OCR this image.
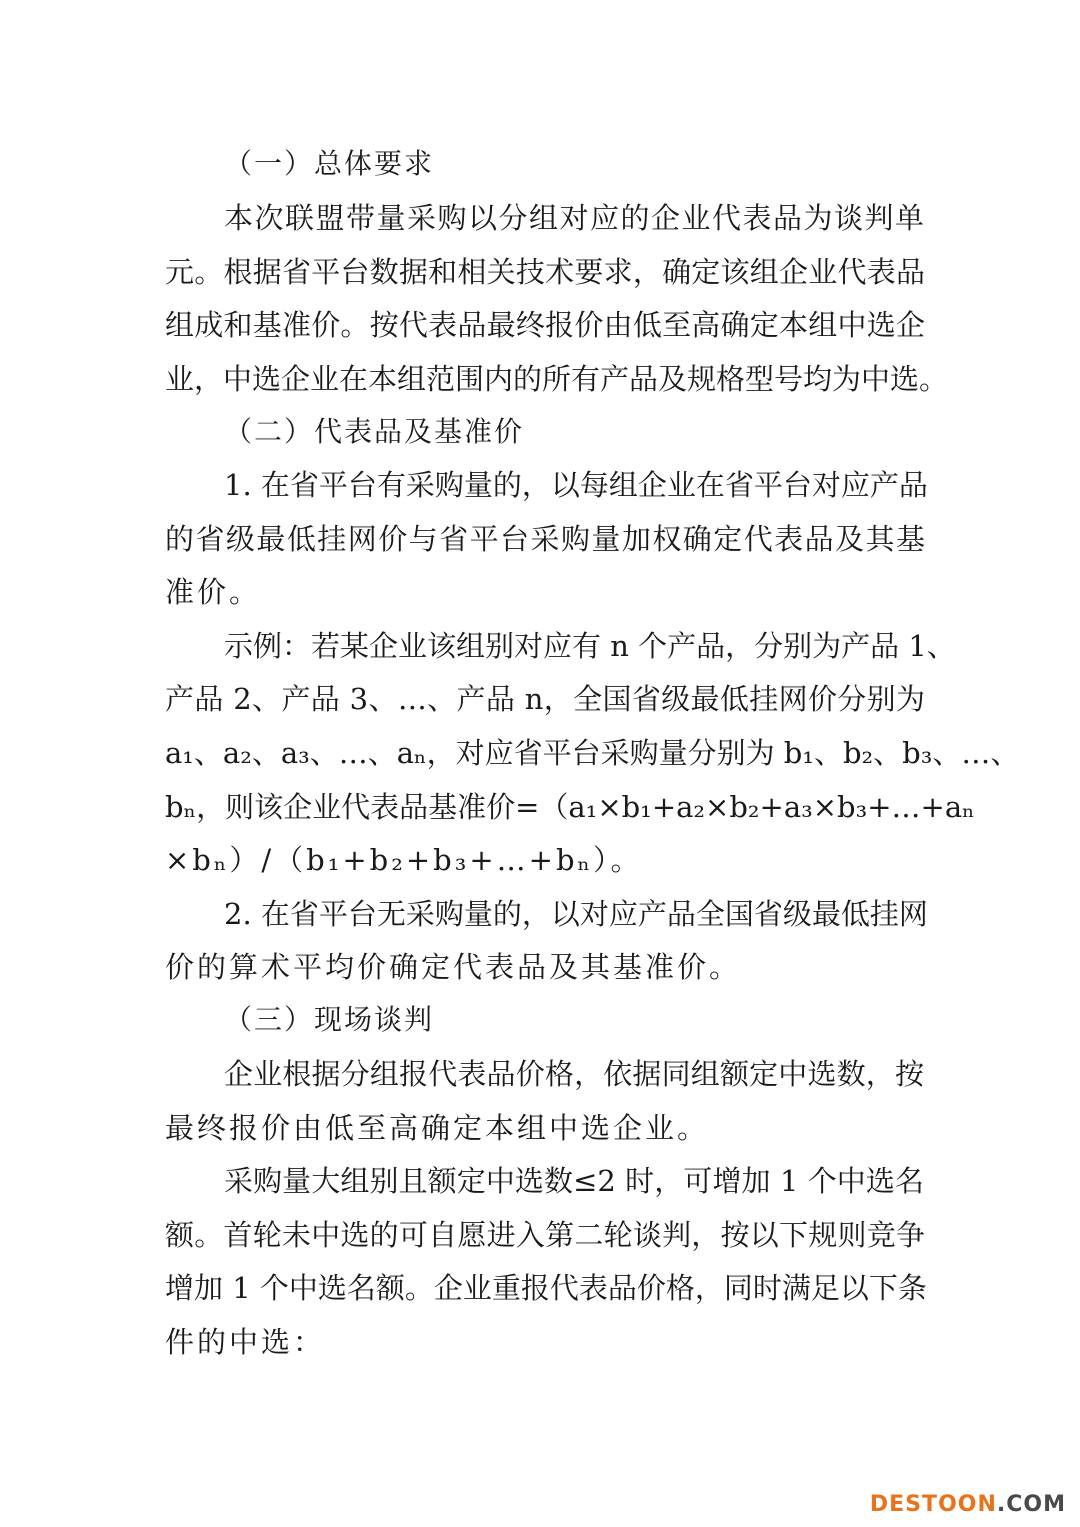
（一）总体要求
本次联盟带量采购以分组对应的企业代表品为谈判单
元。根据省平台数据和相关技术要求，确定该组企业代表品
组成和基准价。按代表品最终报价由低至高确定本组中选企
业，中选企业在本组范围内的所有产品及规格型号均为中选。
（二）代表品及基准价
1. 在省平台有采购量的，以每组企业在省平台对应产品
的省级最低挂网价与省平台采购量加权确定代表品及其基
准价。
示例：若某企业该组别对应有 n 个产品，分别为产品 1、
产品 2、产品 3、…、产品 n，全国省级最低挂网价分别为
a₁、a₂、a₃、…、aₙ，对应省平台采购量分别为 b₁、b₂、b₃、…、
bₙ，则该企业代表品基准价=（a₁×b₁+a₂×b₂+a₃×b₃+…+aₙ
×bₙ）/（b₁+b₂+b₃+…+bₙ）。
2. 在省平台无采购量的，以对应产品全国省级最低挂网
价的算术平均价确定代表品及其基准价。
（三）现场谈判
企业根据分组报代表品价格，依据同组额定中选数，按
最终报价由低至高确定本组中选企业。
采购量大组别且额定中选数≤2 时，可增加 1 个中选名
额。首轮未中选的可自愿进入第二轮谈判，按以下规则竞争
增加 1 个中选名额。企业重报代表品价格，同时满足以下条
件的中选：
DESTOON.COM
